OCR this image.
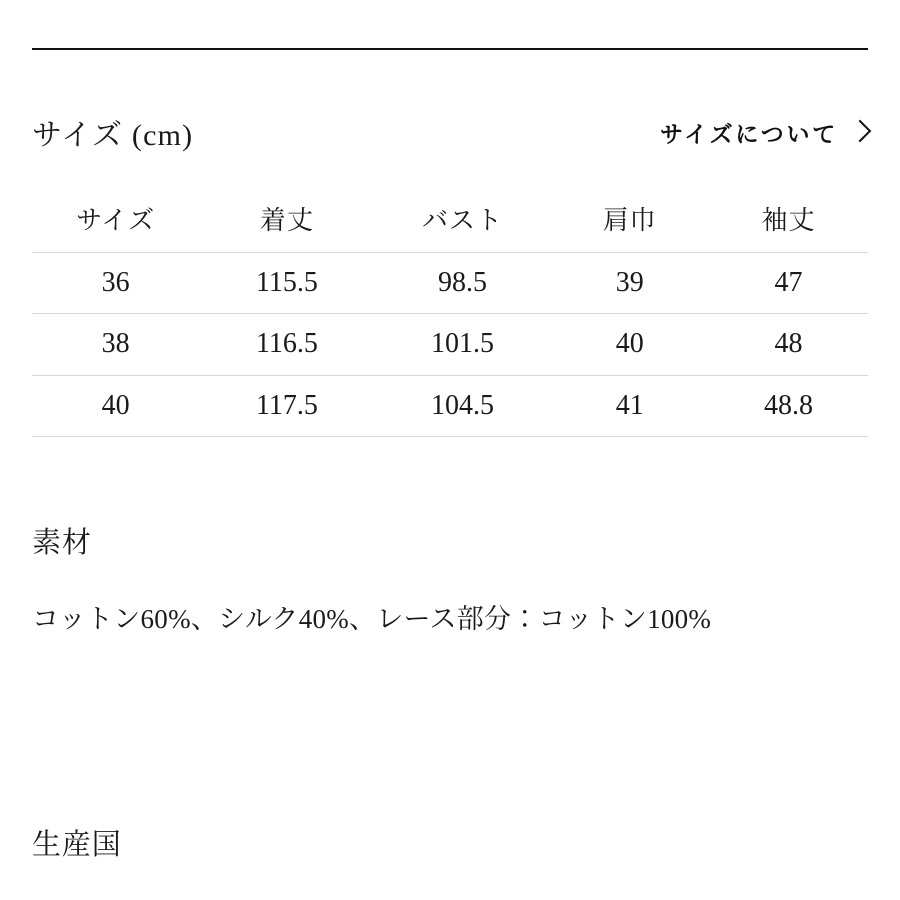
サイズ (cm)	サイズについて
サイズ	着丈	バスト	肩巾	袖丈
36	115.5	98.5	39	47
38	116.5	101.5	40	48
40	117.5	104.5	41	48.8
素材
コットン60%、シルク40%、レース部分：コットン100%
生産国
